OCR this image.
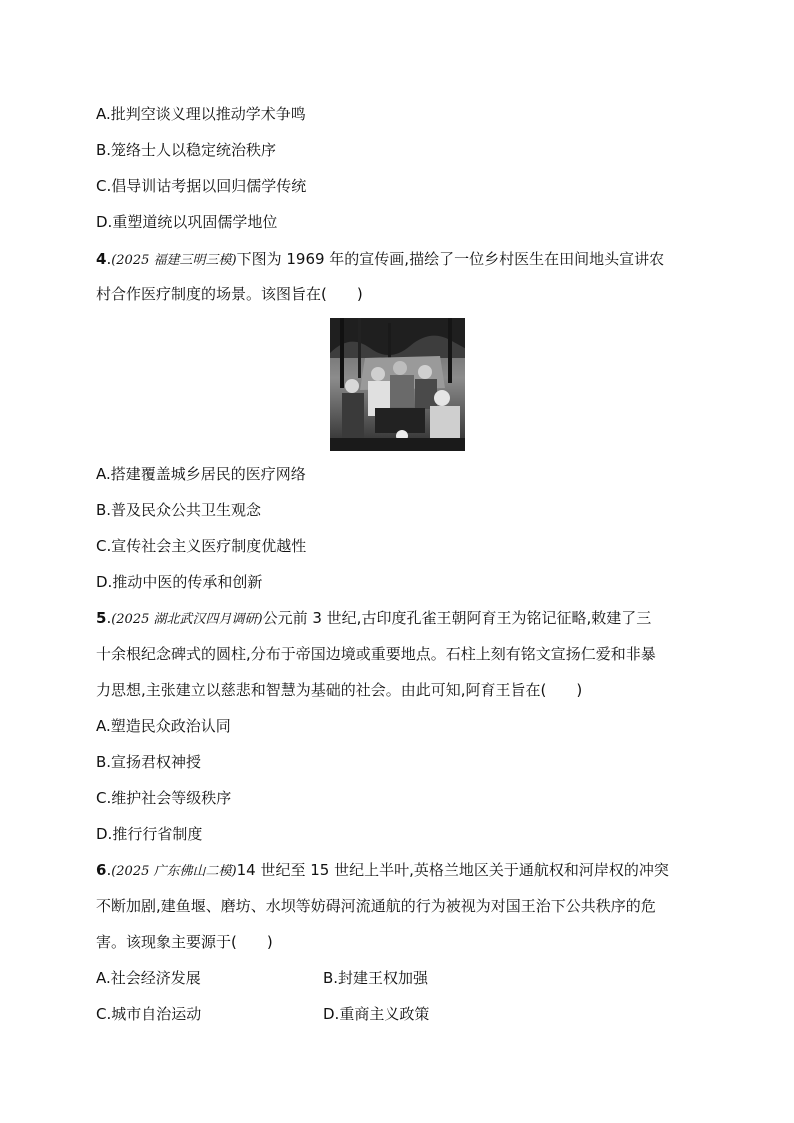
A.批判空谈义理以推动学术争鸣
B.笼络士人以稳定统治秩序
C.倡导训诂考据以回归儒学传统
D.重塑道统以巩固儒学地位
4.(2025 福建三明三模)下图为 1969 年的宣传画,描绘了一位乡村医生在田间地头宣讲农
村合作医疗制度的场景。该图旨在(　　)
A.搭建覆盖城乡居民的医疗网络
B.普及民众公共卫生观念
C.宣传社会主义医疗制度优越性
D.推动中医的传承和创新
5.(2025 湖北武汉四月调研)公元前 3 世纪,古印度孔雀王朝阿育王为铭记征略,敕建了三
十余根纪念碑式的圆柱,分布于帝国边境或重要地点。石柱上刻有铭文宣扬仁爱和非暴
力思想,主张建立以慈悲和智慧为基础的社会。由此可知,阿育王旨在(　　)
A.塑造民众政治认同
B.宣扬君权神授
C.维护社会等级秩序
D.推行行省制度
6.(2025 广东佛山二模)14 世纪至 15 世纪上半叶,英格兰地区关于通航权和河岸权的冲突
不断加剧,建鱼堰、磨坊、水坝等妨碍河流通航的行为被视为对国王治下公共秩序的危
害。该现象主要源于(　　)
A.社会经济发展	B.封建王权加强
C.城市自治运动	D.重商主义政策
